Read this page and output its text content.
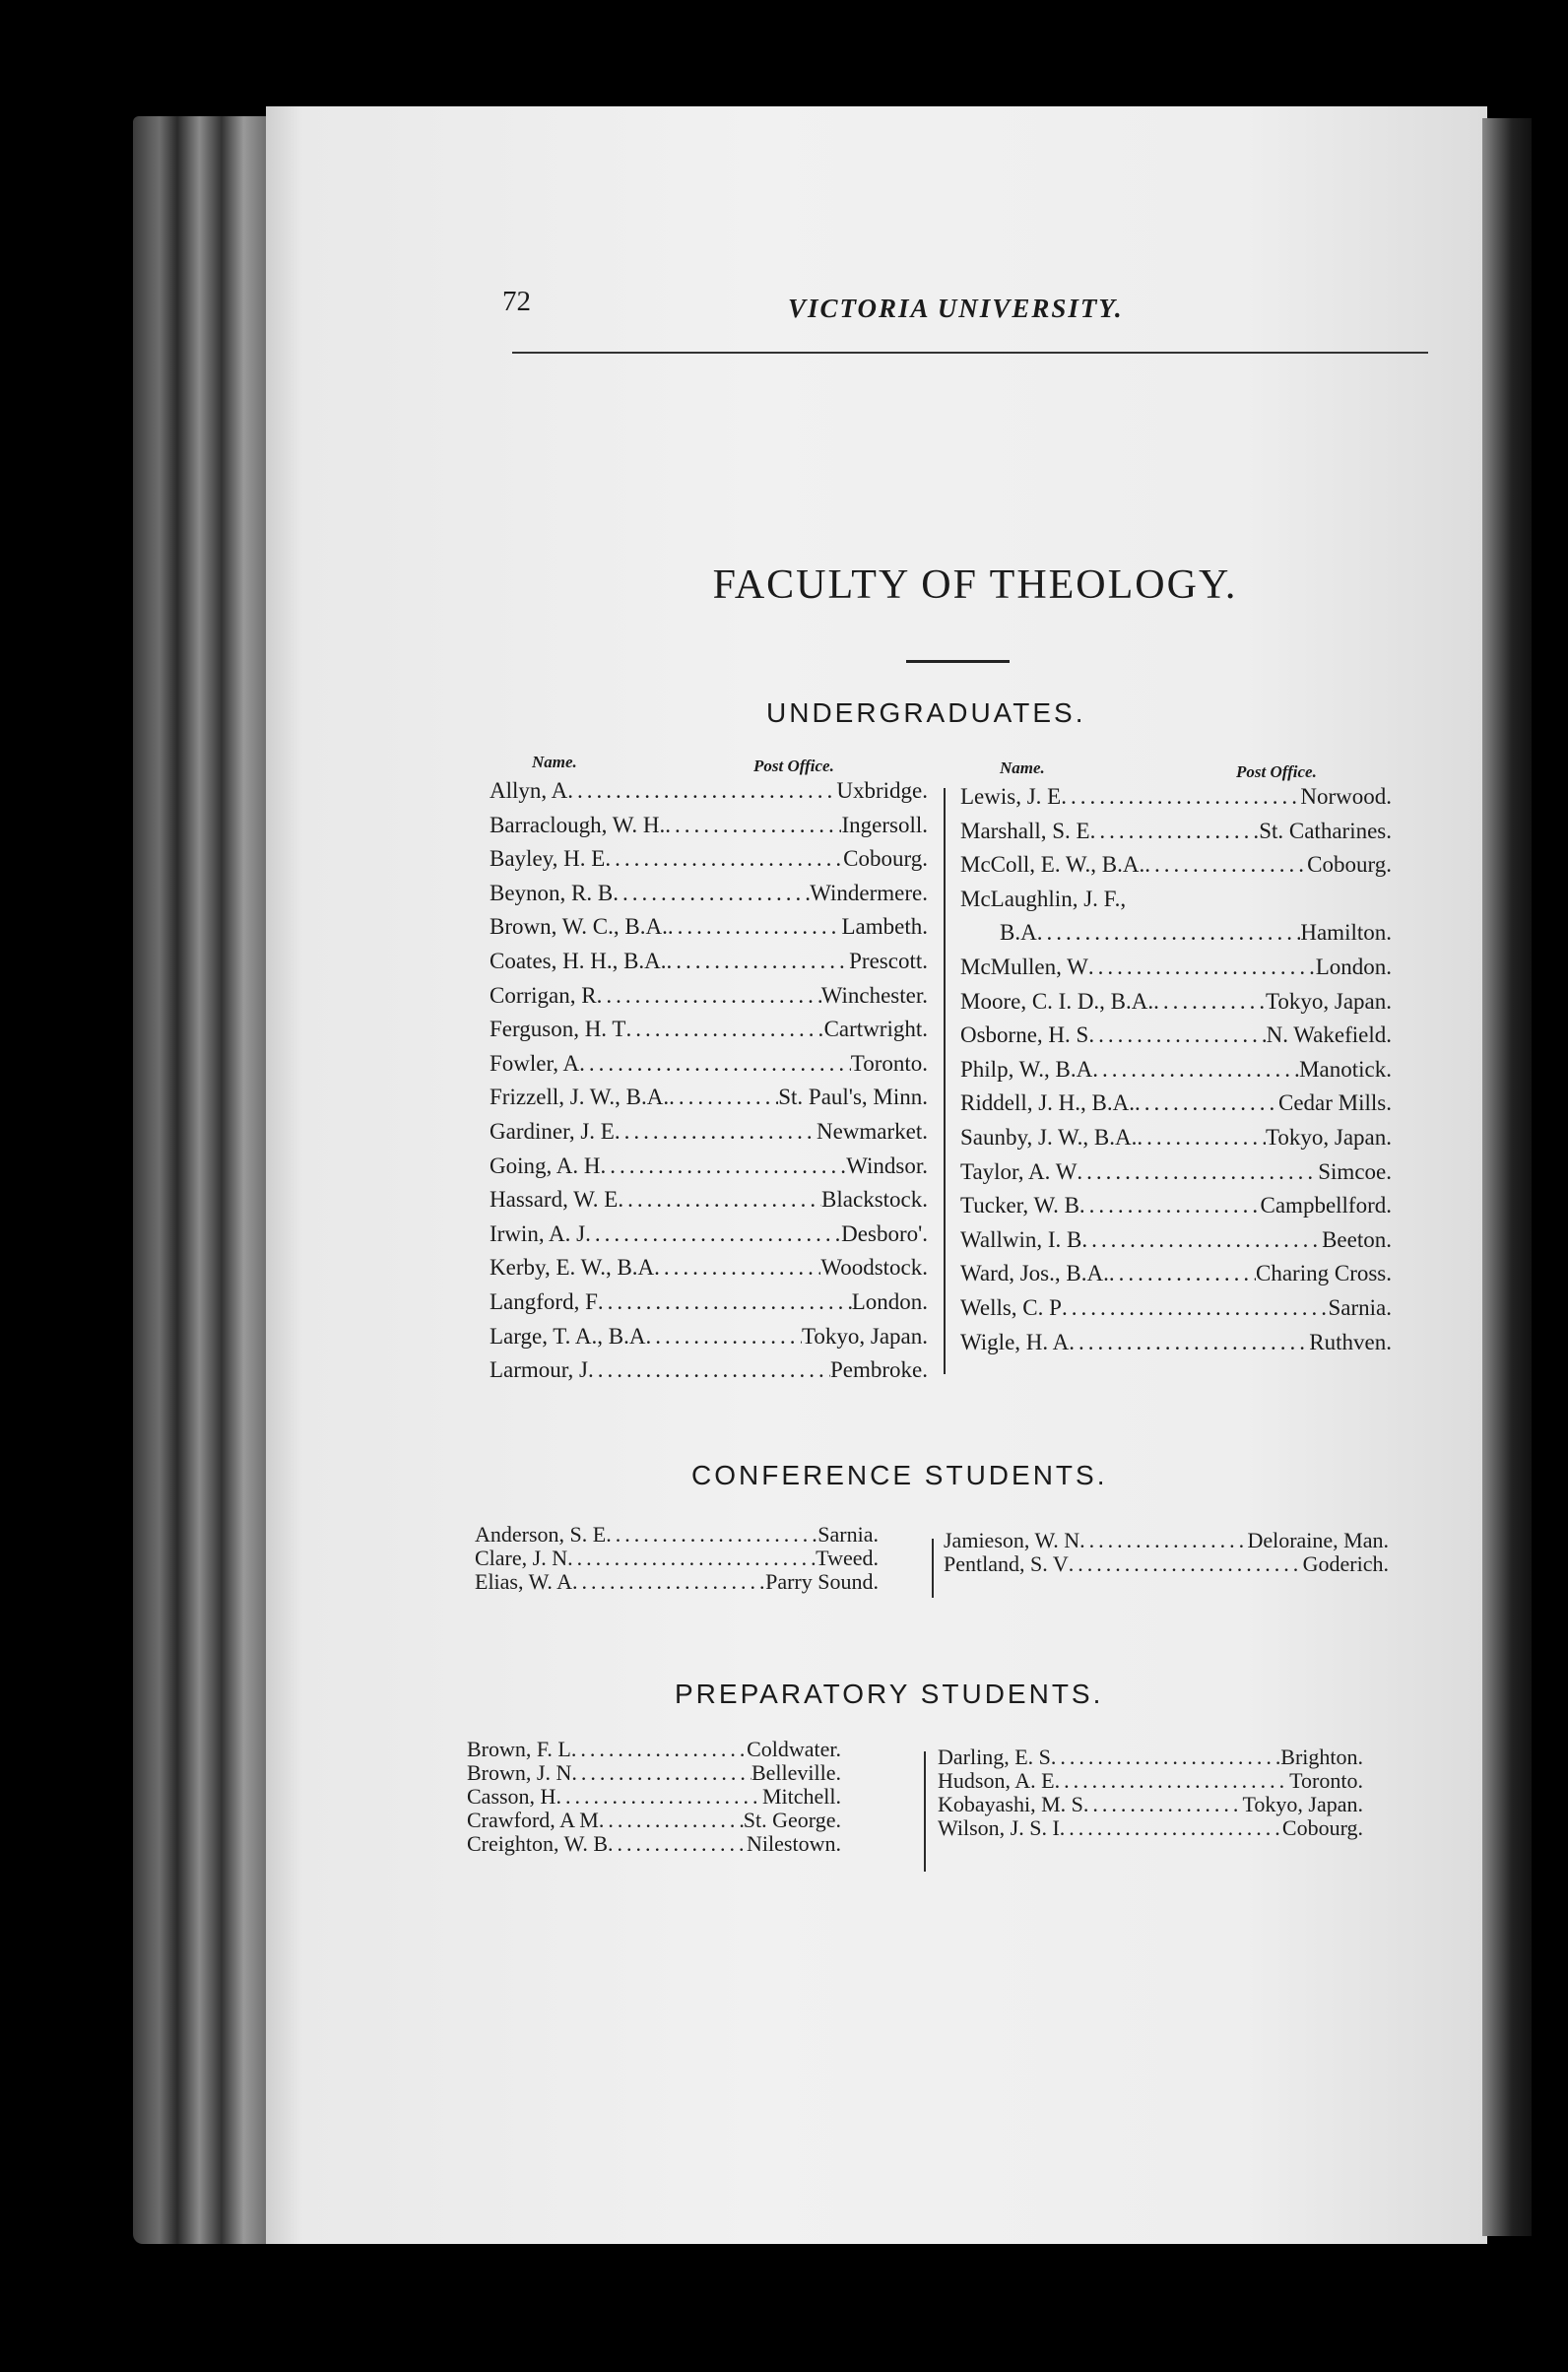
72	VICTORIA UNIVERSITY.
FACULTY OF THEOLOGY.
UNDERGRADUATES.
Name.	Post Office.	Name.	Post Office.
Allyn, A .....	Uxbridge.
Barraclough, W. H. .....	Ingersoll.
Bayley, H. E .....	Cobourg.
Beynon, R. B .....	Windermere.
Brown, W. C., B.A. .....	Lambeth.
Coates, H. H., B.A. .....	Prescott.
Corrigan, R .....	Winchester.
Ferguson, H. T .....	Cartwright.
Fowler, A .....	Toronto.
Frizzell, J. W., B.A. .....	St. Paul's, Minn.
Gardiner, J. E .....	Newmarket.
Going, A. H .....	Windsor.
Hassard, W. E .....	Blackstock.
Irwin, A. J .....	Desboro'.
Kerby, E. W., B.A .....	Woodstock.
Langford, F .....	London.
Large, T. A., B.A .....	Tokyo, Japan.
Larmour, J .....	Pembroke.
Lewis, J. E .....	Norwood.
Marshall, S. E .....	St. Catharines.
McColl, E. W., B.A. .....	Cobourg.
McLaughlin, J. F.,
B.A .....	Hamilton.
McMullen, W .....	London.
Moore, C. I. D., B.A. .....	Tokyo, Japan.
Osborne, H. S .....	N. Wakefield.
Philp, W., B.A .....	Manotick.
Riddell, J. H., B.A. .....	Cedar Mills.
Saunby, J. W., B.A. .....	Tokyo, Japan.
Taylor, A. W .....	Simcoe.
Tucker, W. B .....	Campbellford.
Wallwin, I. B .....	Beeton.
Ward, Jos., B.A. .....	Charing Cross.
Wells, C. P .....	Sarnia.
Wigle, H. A .....	Ruthven.
CONFERENCE STUDENTS.
Anderson, S. E .....	Sarnia.
Clare, J. N .....	Tweed.
Elias, W. A .....	Parry Sound.
Jamieson, W. N .....	Deloraine, Man.
Pentland, S. V .....	Goderich.
PREPARATORY STUDENTS.
Brown, F. L .....	Coldwater.
Brown, J. N .....	Belleville.
Casson, H .....	Mitchell.
Crawford, A M .....	St. George.
Creighton, W. B .....	Nilestown.
Darling, E. S .....	Brighton.
Hudson, A. E .....	Toronto.
Kobayashi, M. S .....	Tokyo, Japan.
Wilson, J. S. I .....	Cobourg.
